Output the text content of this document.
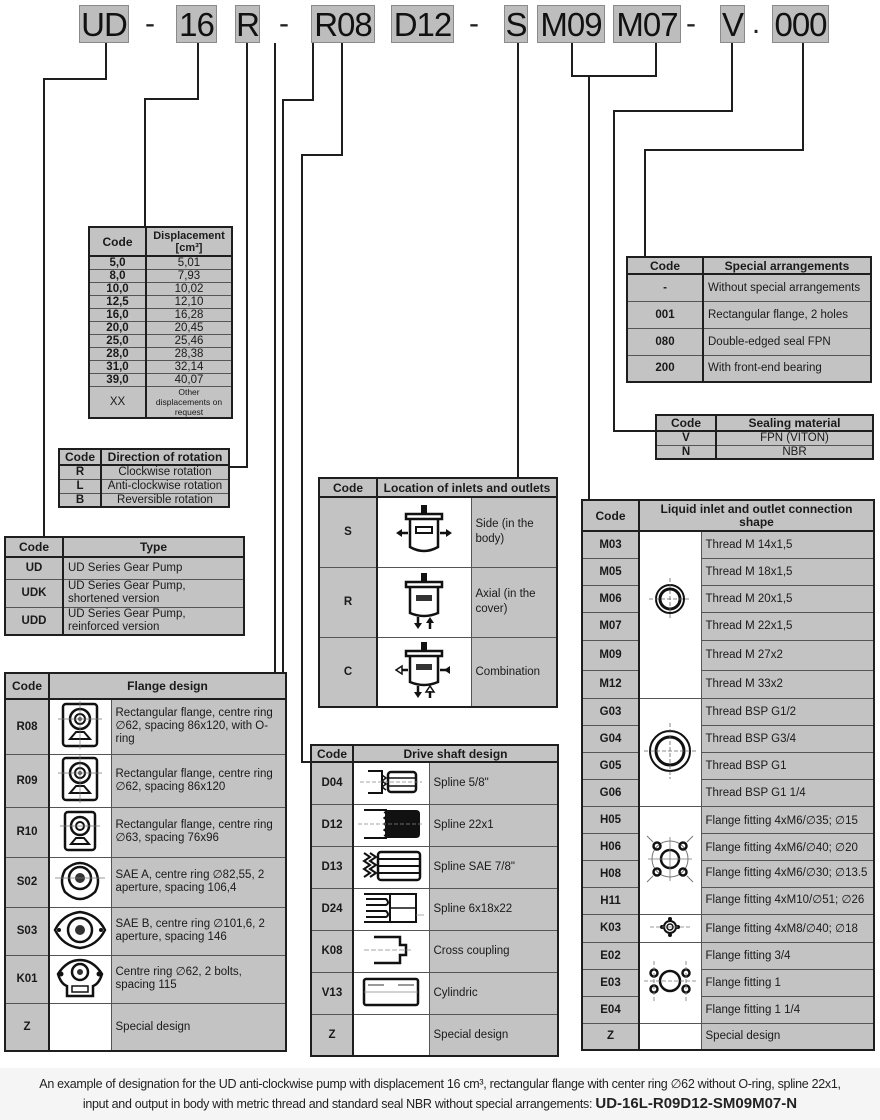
UD - 16 R - R08 D12 - S M09 M07 - V . 000
Code	Displacement [cm³]
5,0	5,01
8,0	7,93
10,0	10,02
12,5	12,10
16,0	16,28
20,0	20,45
25,0	25,46
28,0	28,38
31,0	32,14
39,0	40,07
XX	Other displacements on request
Code	Direction of rotation
R	Clockwise rotation
L	Anti-clockwise rotation
B	Reversible rotation
Code	Type
UD	UD Series Gear Pump
UDK	UD Series Gear Pump, shortened version
UDD	UD Series Gear Pump, reinforced version
Code	Flange design	
R08		Rectangular flange, centre ring ∅62, spacing 86x120, with O-ring
R09		Rectangular flange, centre ring ∅62, spacing 86x120
R10		Rectangular flange, centre ring ∅63, spacing 76x96
S02		SAE A, centre ring ∅82,55, 2 aperture, spacing 106,4
S03		SAE B, centre ring ∅101,6, 2 aperture, spacing 146
K01		Centre ring ∅62, 2 bolts, spacing 115
Z		Special design
Code	Location of inlets and outlets	
S		Side (in the body)
R		Axial (in the cover)
C		Combination
Code	Drive shaft design	
D04		Spline 5/8"
D12		Spline 22x1
D13		Spline SAE 7/8"
D24		Spline 6x18x22
K08		Cross coupling
V13		Cylindric
Z		Special design
Code	Special arrangements
-	Without special arrangements
001	Rectangular flange, 2 holes
080	Double-edged seal FPN
200	With front-end bearing
Code	Sealing material
V	FPN (VITON)
N	NBR
Code	Liquid inlet and outlet connection shape	
M03		Thread M 14x1,5
M05		Thread M 18x1,5
M06		Thread M 20x1,5
M07		Thread M 22x1,5
M09		Thread M 27x2
M12		Thread M 33x2
G03		Thread BSP G1/2
G04		Thread BSP G3/4
G05		Thread BSP G1
G06		Thread BSP G1 1/4
H05		Flange fitting 4xM6/∅35; ∅15
H06		Flange fitting 4xM6/∅40; ∅20
H08		Flange fitting 4xM6/∅30; ∅13.5
H11		Flange fitting 4xM10/∅51; ∅26
K03		Flange fitting 4xM8/∅40; ∅18
E02		Flange fitting 3/4
E03		Flange fitting 1
E04		Flange fitting 1 1/4
Z		Special design
An example of designation for the UD anti-clockwise pump with displacement 16 cm³, rectangular flange with center ring ∅62 without O-ring, spline 22x1,
input and output in body with metric thread and standard seal NBR without special arrangements: UD-16L-R09D12-SM09M07-N
